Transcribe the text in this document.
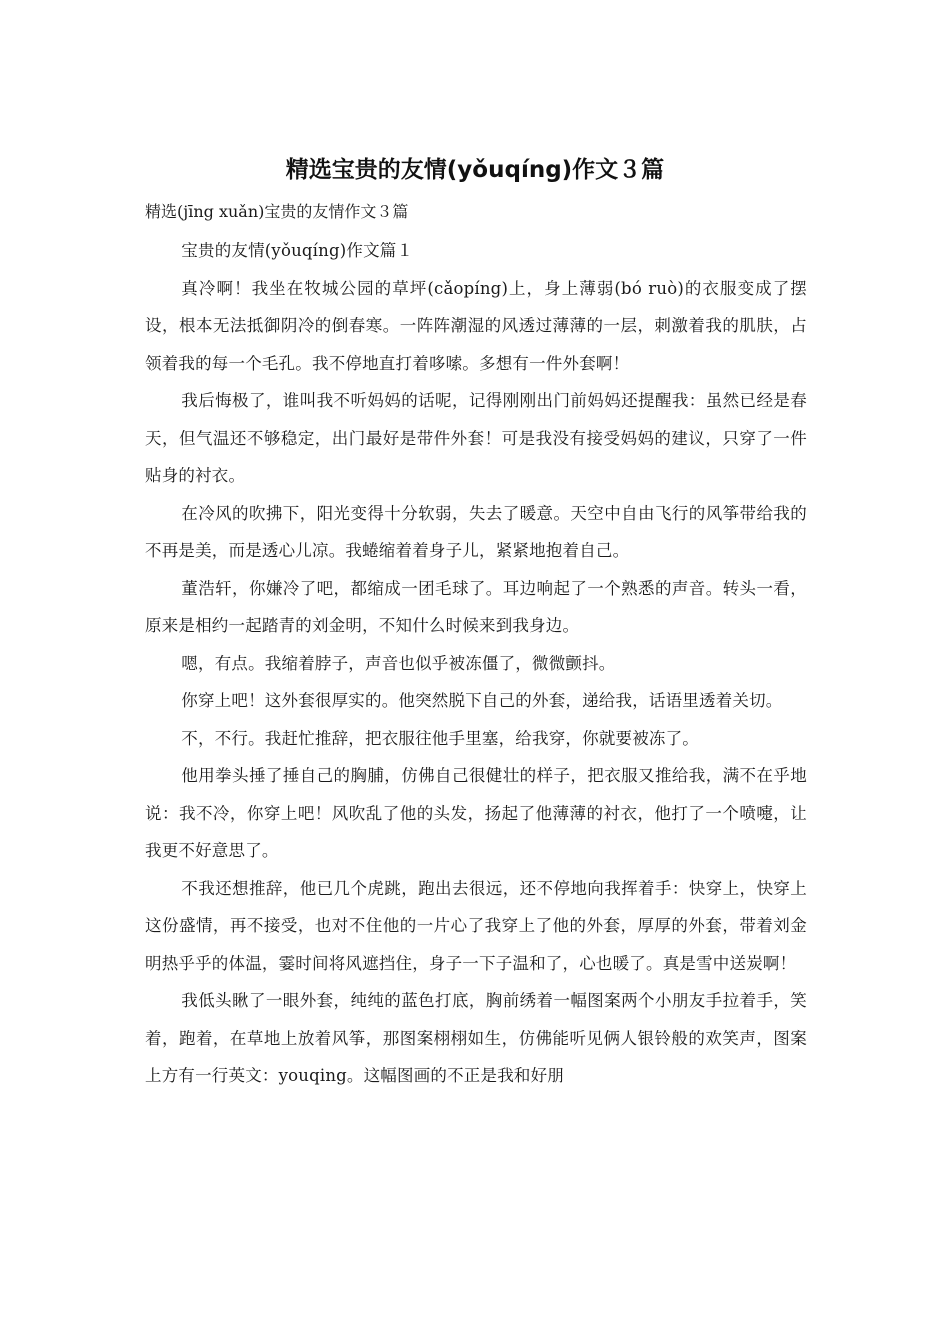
精选宝贵的友情(yǒuqíng)作文３篇
精选(jīng xuǎn)宝贵的友情作文３篇

宝贵的友情(yǒuqíng)作文篇１

真冷啊！我坐在牧城公园的草坪(cǎopíng)上，身上薄弱(bó ruò)的衣服变成了摆设，根本无法抵御阴冷的倒春寒。一阵阵潮湿的风透过薄薄的一层，刺激着我的肌肤，占领着我的每一个毛孔。我不停地直打着哆嗦。多想有一件外套啊！

我后悔极了，谁叫我不听妈妈的话呢，记得刚刚出门前妈妈还提醒我：虽然已经是春天，但气温还不够稳定，出门最好是带件外套！可是我没有接受妈妈的建议，只穿了一件贴身的衬衣。

在冷风的吹拂下，阳光变得十分软弱，失去了暖意。天空中自由飞行的风筝带给我的不再是美，而是透心儿凉。我蜷缩着着身子儿，紧紧地抱着自己。

董浩轩，你嫌冷了吧，都缩成一团毛球了。耳边响起了一个熟悉的声音。转头一看，原来是相约一起踏青的刘金明，不知什么时候来到我身边。

嗯，有点。我缩着脖子，声音也似乎被冻僵了，微微颤抖。

你穿上吧！这外套很厚实的。他突然脱下自己的外套，递给我，话语里透着关切。

不，不行。我赶忙推辞，把衣服往他手里塞，给我穿，你就要被冻了。

他用拳头捶了捶自己的胸脯，仿佛自己很健壮的样子，把衣服又推给我，满不在乎地说：我不冷，你穿上吧！风吹乱了他的头发，扬起了他薄薄的衬衣，他打了一个喷嚏，让我更不好意思了。

不我还想推辞，他已几个虎跳，跑出去很远，还不停地向我挥着手：快穿上，快穿上这份盛情，再不接受，也对不住他的一片心了我穿上了他的外套，厚厚的外套，带着刘金明热乎乎的体温，霎时间将风遮挡住，身子一下子温和了，心也暖了。真是雪中送炭啊！

我低头瞅了一眼外套，纯纯的蓝色打底，胸前绣着一幅图案两个小朋友手拉着手，笑着，跑着，在草地上放着风筝，那图案栩栩如生，仿佛能听见俩人银铃般的欢笑声，图案上方有一行英文：youqing。这幅图画的不正是我和好朋
